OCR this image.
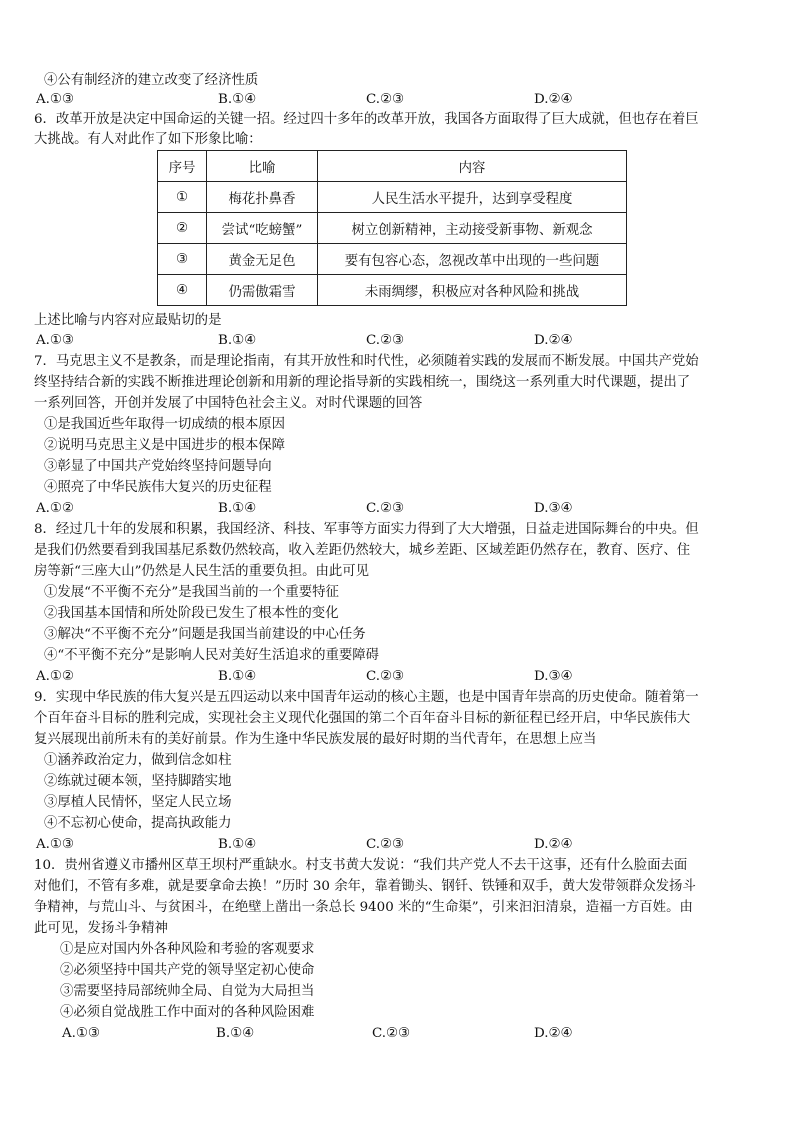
④公有制经济的建立改变了经济性质
A.①③	B.①④	C.②③	D.②④
6．改革开放是决定中国命运的关键一招。经过四十多年的改革开放，我国各方面取得了巨大成就，但也存在着巨
大挑战。有人对此作了如下形象比喻：
序号	比喻	内容
①	梅花扑鼻香	人民生活水平提升，达到享受程度
②	尝试“吃螃蟹”	树立创新精神，主动接受新事物、新观念
③	黄金无足色	要有包容心态，忽视改革中出现的一些问题
④	仍需傲霜雪	未雨绸缪，积极应对各种风险和挑战
上述比喻与内容对应最贴切的是
A.①③	B.①④	C.②③	D.②④
7．马克思主义不是教条，而是理论指南，有其开放性和时代性，必须随着实践的发展而不断发展。中国共产党始
终坚持结合新的实践不断推进理论创新和用新的理论指导新的实践相统一，围绕这一系列重大时代课题，提出了
一系列回答，开创并发展了中国特色社会主义。对时代课题的回答
①是我国近些年取得一切成绩的根本原因
②说明马克思主义是中国进步的根本保障
③彰显了中国共产党始终坚持问题导向
④照亮了中华民族伟大复兴的历史征程
A.①②	B.①④	C.②③	D.③④
8．经过几十年的发展和积累，我国经济、科技、军事等方面实力得到了大大增强，日益走进国际舞台的中央。但
是我们仍然要看到我国基尼系数仍然较高，收入差距仍然较大，城乡差距、区域差距仍然存在，教育、医疗、住
房等新“三座大山”仍然是人民生活的重要负担。由此可见
①发展“不平衡不充分”是我国当前的一个重要特征
②我国基本国情和所处阶段已发生了根本性的变化
③解决“不平衡不充分”问题是我国当前建设的中心任务
④“不平衡不充分”是影响人民对美好生活追求的重要障碍
A.①②	B.①④	C.②③	D.③④
9．实现中华民族的伟大复兴是五四运动以来中国青年运动的核心主题，也是中国青年崇高的历史使命。随着第一
个百年奋斗目标的胜利完成，实现社会主义现代化强国的第二个百年奋斗目标的新征程已经开启，中华民族伟大
复兴展现出前所未有的美好前景。作为生逢中华民族发展的最好时期的当代青年，在思想上应当
①涵养政治定力，做到信念如柱
②练就过硬本领，坚持脚踏实地
③厚植人民情怀，坚定人民立场
④不忘初心使命，提高执政能力
A.①③	B.①④	C.②③	D.②④
10．贵州省遵义市播州区草王坝村严重缺水。村支书黄大发说：“我们共产党人不去干这事，还有什么脸面去面
对他们，不管有多难，就是要拿命去换！”历时 30 余年，靠着锄头、钢钎、铁锤和双手，黄大发带领群众发扬斗
争精神，与荒山斗、与贫困斗，在绝壁上凿出一条总长 9400 米的“生命渠”，引来汩汩清泉，造福一方百姓。由
此可见，发扬斗争精神
①是应对国内外各种风险和考验的客观要求
②必须坚持中国共产党的领导坚定初心使命
③需要坚持局部统帅全局、自觉为大局担当
④必须自觉战胜工作中面对的各种风险困难
A.①③	B.①④	C.②③	D.②④
